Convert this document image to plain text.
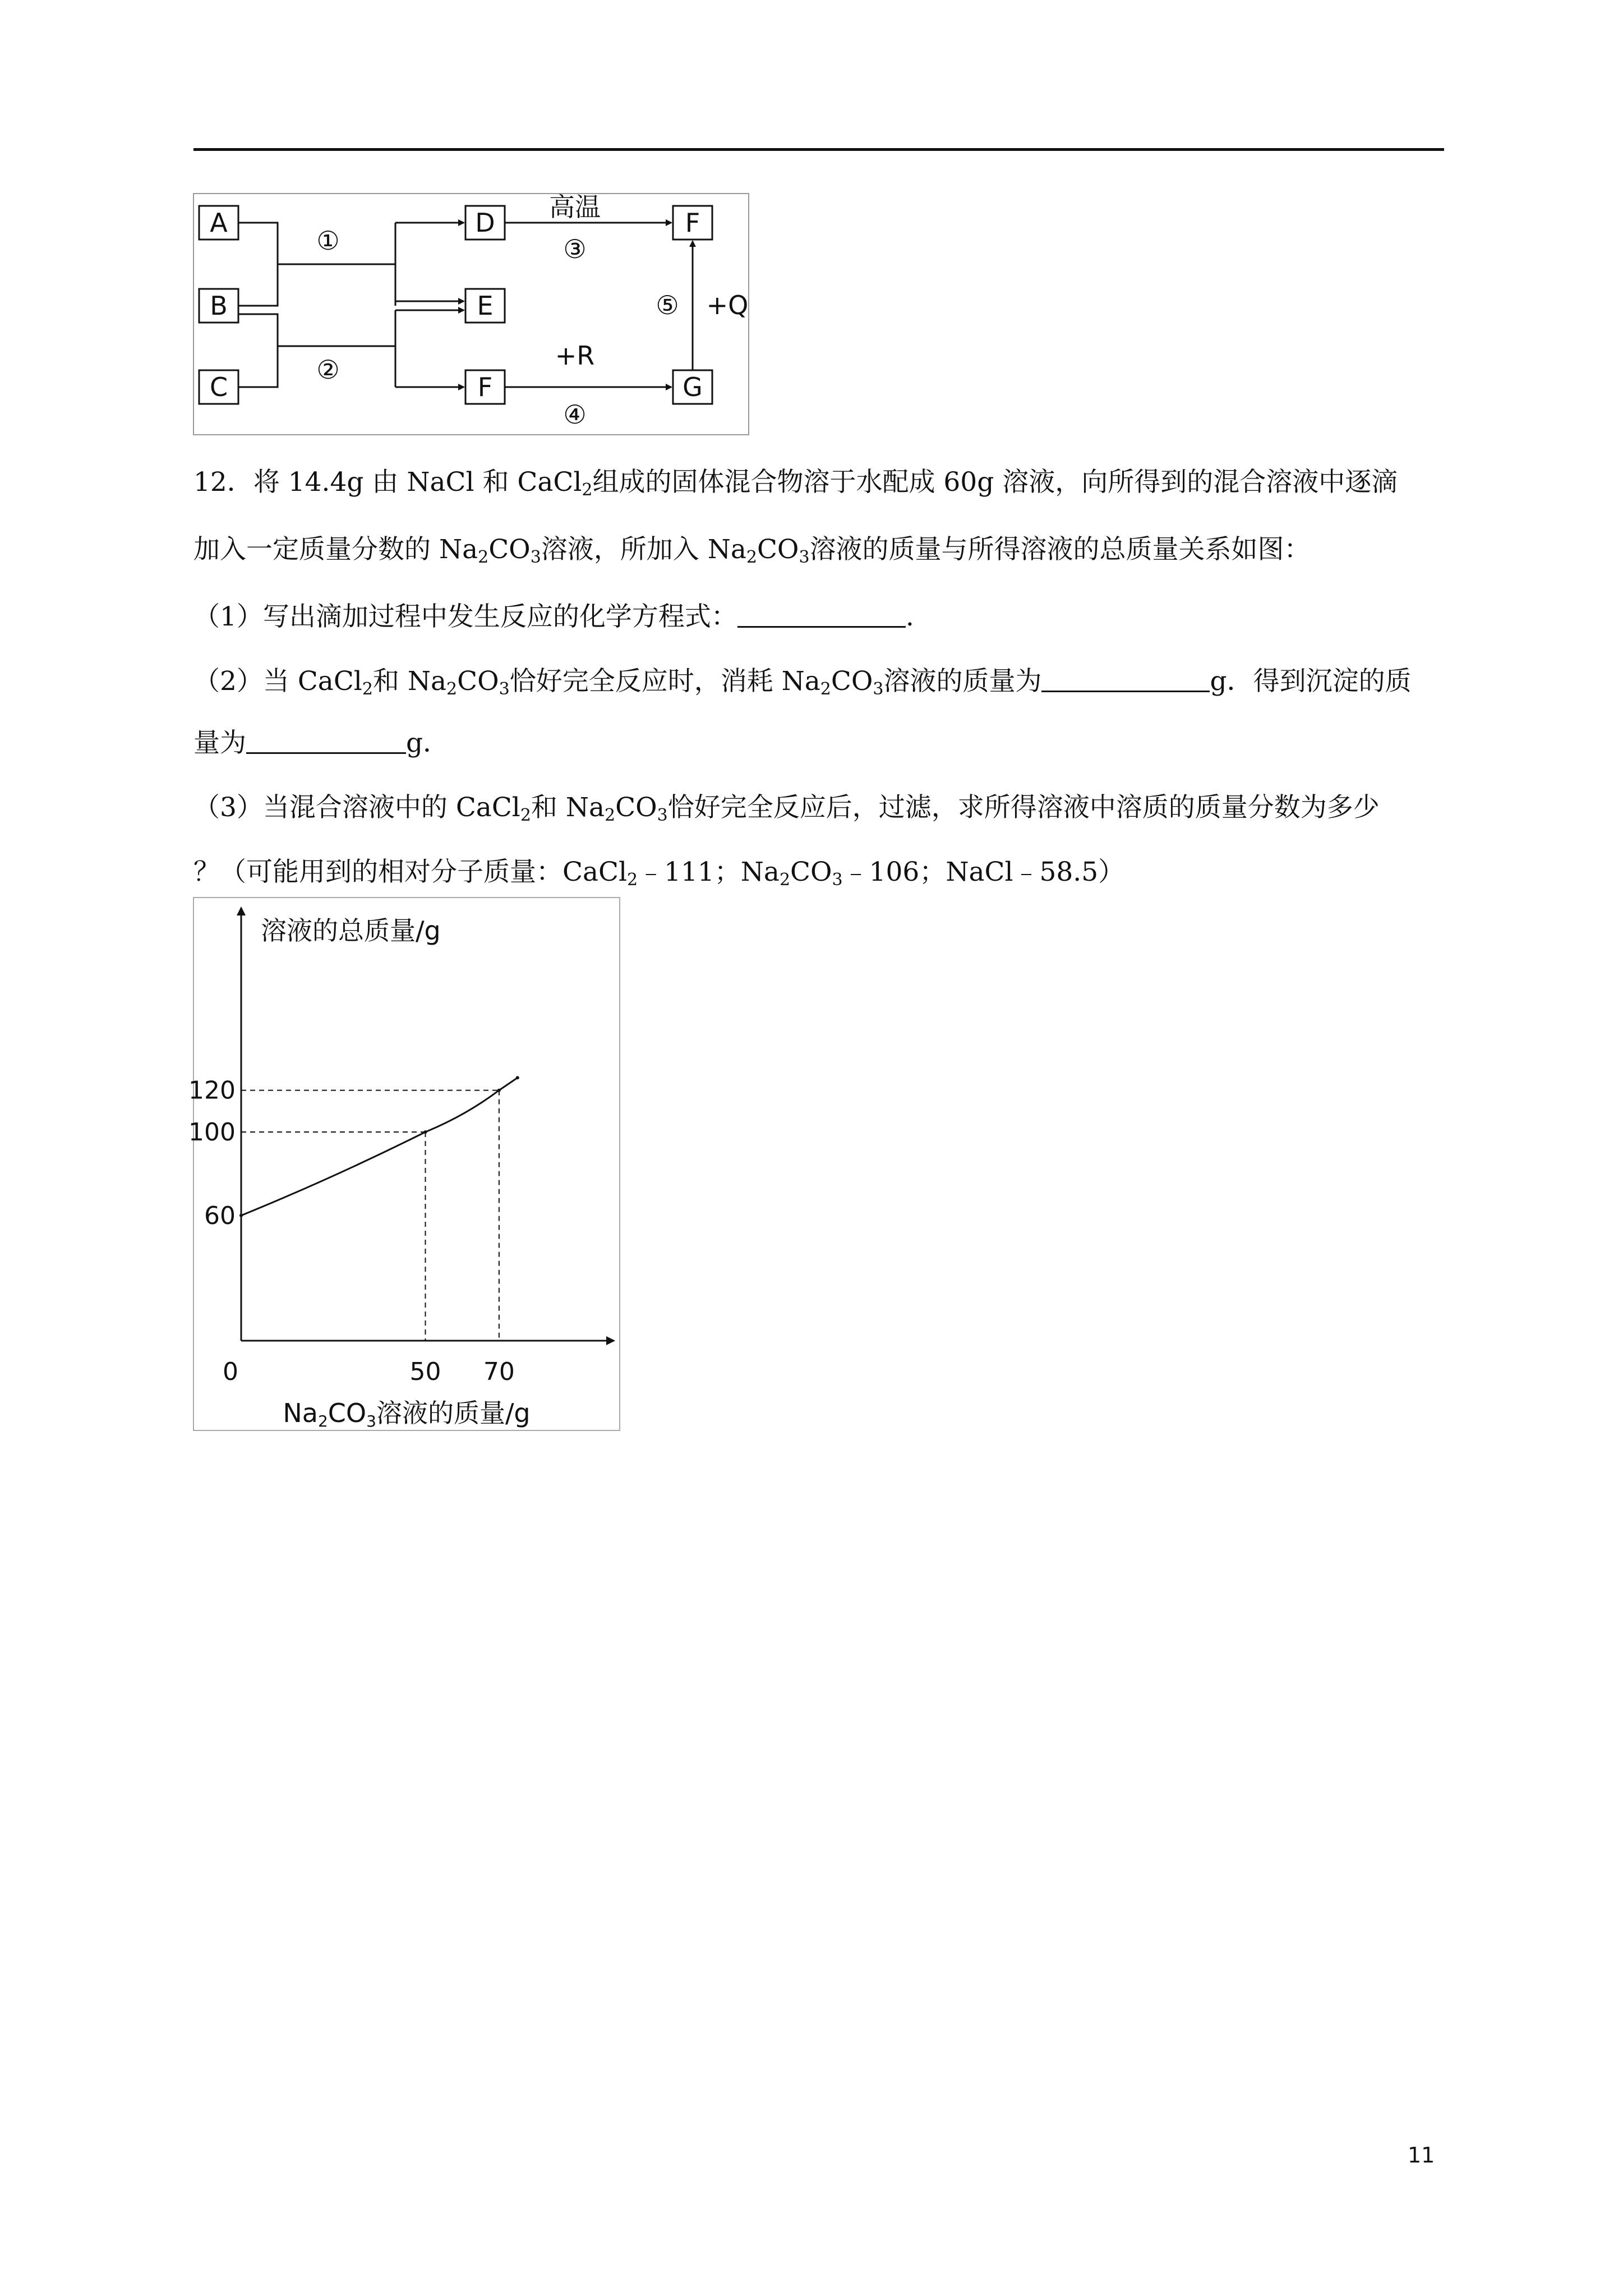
A
B
C
D
E
F
F
G
①
②
③
④
⑤
高温
+R
+Q
12．将 14.4g 由 NaCl 和 CaCl$_2$组成的固体混合物溶于水配成 60g 溶液，向所得到的混合溶液中逐滴
加入一定质量分数的 $Na_2CO_3$溶液，所加入 $Na_2CO_3$溶液的质量与所得溶液的总质量关系如图：
（1）写出滴加过程中发生反应的化学方程式：	.
（2）当 CaCl$_2$和 $Na_2CO_3$恰好完全反应时，消耗 $Na_2CO_3$溶液的质量为	g．得到沉淀的质
量为	g．
（3）当混合溶液中的 CaCl$_2$和 $Na_2CO_3$恰好完全反应后，过滤，求所得溶液中溶质的质量分数为多少
？（可能用到的相对分子质量：CaCl$_2$﹣111；$Na_2CO_3﹣106$；NaCl﹣58.5）
溶液的总质量/g
0
Na2CO3溶液的质量/g
60
100
120
50 70
11
